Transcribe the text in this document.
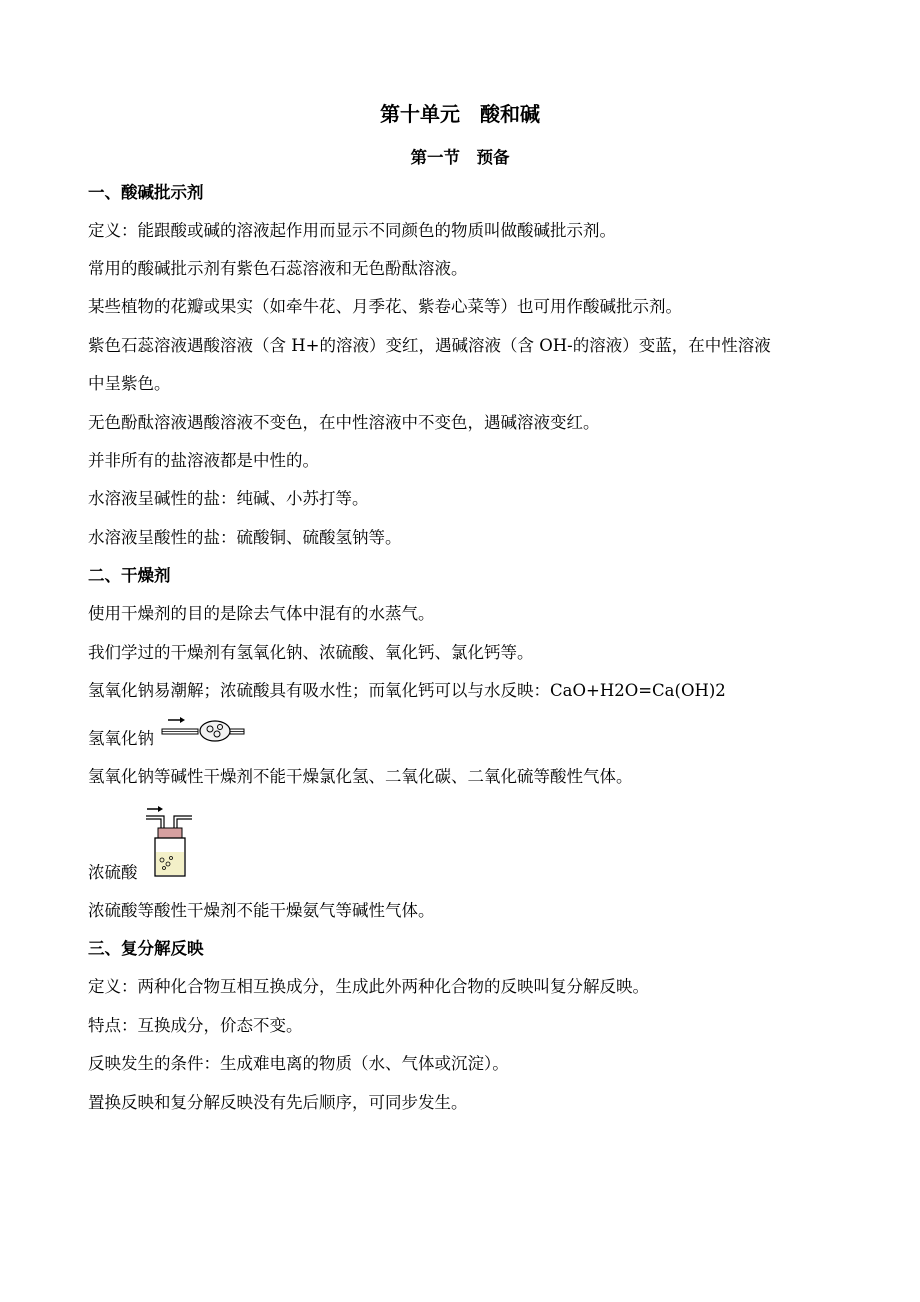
第十单元　酸和碱
第一节　预备
一、酸碱批示剂
定义：能跟酸或碱的溶液起作用而显示不同颜色的物质叫做酸碱批示剂。
常用的酸碱批示剂有紫色石蕊溶液和无色酚酞溶液。
某些植物的花瓣或果实（如牵牛花、月季花、紫卷心菜等）也可用作酸碱批示剂。
紫色石蕊溶液遇酸溶液（含 H+的溶液）变红，遇碱溶液（含 OH-的溶液）变蓝，在中性溶液
中呈紫色。
无色酚酞溶液遇酸溶液不变色，在中性溶液中不变色，遇碱溶液变红。
并非所有的盐溶液都是中性的。
水溶液呈碱性的盐：纯碱、小苏打等。
水溶液呈酸性的盐：硫酸铜、硫酸氢钠等。
二、干燥剂
使用干燥剂的目的是除去气体中混有的水蒸气。
我们学过的干燥剂有氢氧化钠、浓硫酸、氧化钙、氯化钙等。
氢氧化钠易潮解；浓硫酸具有吸水性；而氧化钙可以与水反映：CaO+H2O=Ca(OH)2
氢氧化钠
氢氧化钠等碱性干燥剂不能干燥氯化氢、二氧化碳、二氧化硫等酸性气体。
浓硫酸
浓硫酸等酸性干燥剂不能干燥氨气等碱性气体。
三、复分解反映
定义：两种化合物互相互换成分，生成此外两种化合物的反映叫复分解反映。
特点：互换成分，价态不变。
反映发生的条件：生成难电离的物质（水、气体或沉淀）。
置换反映和复分解反映没有先后顺序，可同步发生。
